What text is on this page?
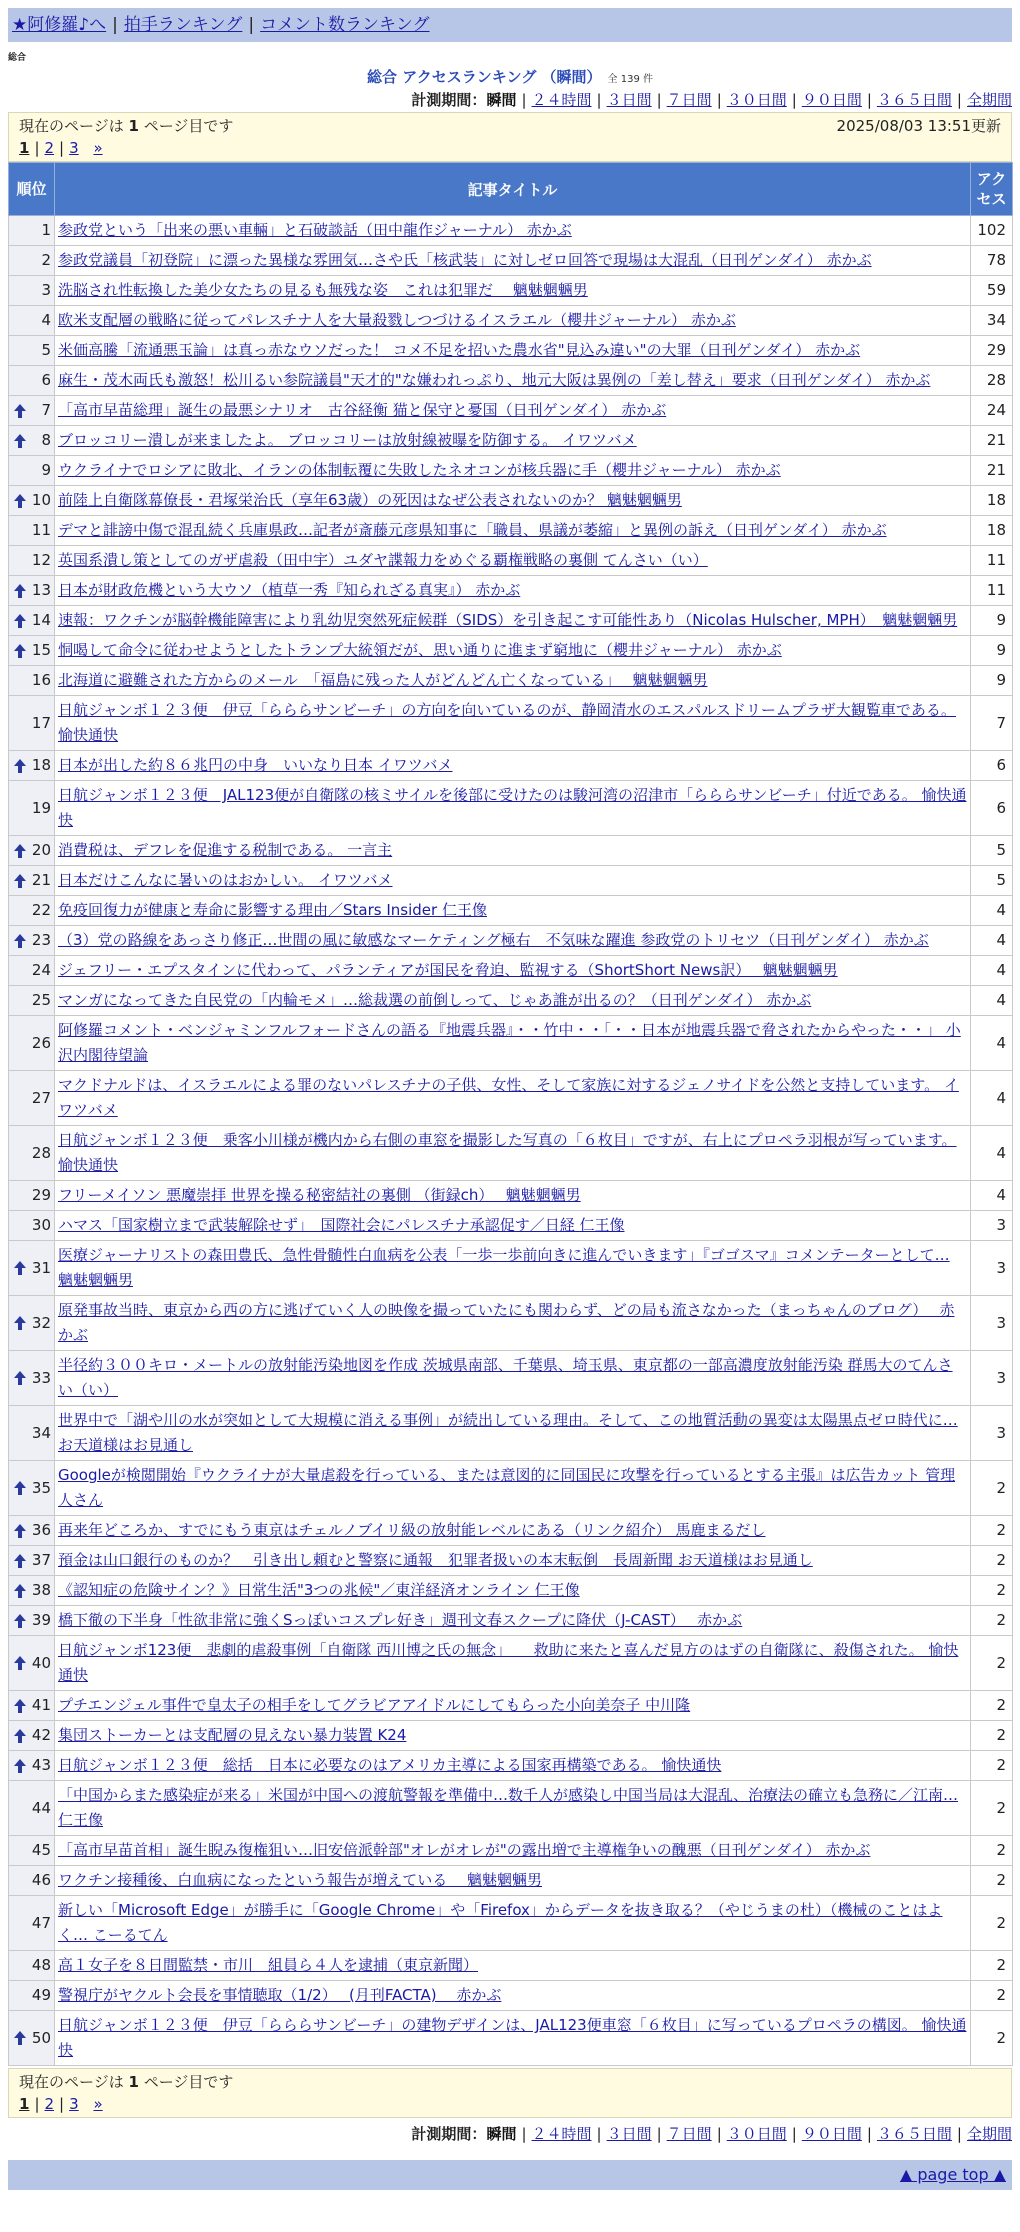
★阿修羅♪へ | 拍手ランキング | コメント数ランキング
総合
総合 アクセスランキング （瞬間） 全 139 件
計測期間：瞬間 | ２４時間 | ３日間 | ７日間 | ３０日間 | ９０日間 | ３６５日間 | 全期間
現在のページは 1 ページ目です	2025/08/03 13:51更新
1 | 2 | 3 »
順位	記事タイトル	アクセス
1	参政党という「出来の悪い車輛」と石破談話（田中龍作ジャーナル） 赤かぶ	102
2	参政党議員「初登院」に漂った異様な雰囲気…さや氏「核武装」に対しゼロ回答で現場は大混乱（日刊ゲンダイ） 赤かぶ	78
3	洗脳され性転換した美少女たちの見るも無残な姿　これは犯罪だ　 魑魅魍魎男	59
4	欧米支配層の戦略に従ってパレスチナ人を大量殺戮しつづけるイスラエル（櫻井ジャーナル） 赤かぶ	34
5	米価高騰「流通悪玉論」は真っ赤なウソだった！ コメ不足を招いた農水省"見込み違い"の大罪（日刊ゲンダイ） 赤かぶ	29
6	麻生・茂木両氏も激怒！松川るい参院議員"天才的"な嫌われっぷり、地元大阪は異例の「差し替え」要求（日刊ゲンダイ） 赤かぶ	28

7	「高市早苗総理」誕生の最悪シナリオ　古谷経衡 猫と保守と憂国（日刊ゲンダイ） 赤かぶ	24

8	ブロッコリー潰しが来ましたよ。 ブロッコリーは放射線被曝を防御する。 イワツバメ	21
9	ウクライナでロシアに敗北、イランの体制転覆に失敗したネオコンが核兵器に手（櫻井ジャーナル） 赤かぶ	21

10	前陸上自衛隊幕僚長・君塚栄治氏（享年63歳）の死因はなぜ公表されないのか？ 魑魅魍魎男	18
11	デマと誹謗中傷で混乱続く兵庫県政…記者が斎藤元彦県知事に「職員、県議が萎縮」と異例の訴え（日刊ゲンダイ） 赤かぶ	18
12	英国系潰し策としてのガザ虐殺（田中宇）ユダヤ諜報力をめぐる覇権戦略の裏側 てんさい（い）	11

13	日本が財政危機という大ウソ（植草一秀『知られざる真実』） 赤かぶ	11

14	速報：ワクチンが脳幹機能障害により乳幼児突然死症候群（SIDS）を引き起こす可能性あり（Nicolas Hulscher, MPH）　魑魅魍魎男	9

15	恫喝して命令に従わせようとしたトランプ大統領だが、思い通りに進まず窮地に（櫻井ジャーナル） 赤かぶ	9
16	北海道に避難された方からのメール　「福島に残った人がどんどん亡くなっている」　 魑魅魍魎男	9
17	日航ジャンボ１２３便　伊豆「らららサンビーチ」の方向を向いているのが、静岡清水のエスパルスドリームプラザ大観覧車である。 愉快通快	7

18	日本が出した約８６兆円の中身　いいなり日本 イワツバメ	6
19	日航ジャンボ１２３便　JAL123便が自衛隊の核ミサイルを後部に受けたのは駿河湾の沼津市「らららサンビーチ」付近である。 愉快通快	6

20	消費税は、デフレを促進する税制である。 一言主	5

21	日本だけこんなに暑いのはおかしい。 イワツバメ	5
22	免疫回復力が健康と寿命に影響する理由／Stars Insider 仁王像	4

23	（3）党の路線をあっさり修正…世間の風に敏感なマーケティング極右　不気味な躍進 参政党のトリセツ（日刊ゲンダイ） 赤かぶ	4
24	ジェフリー・エプスタインに代わって、パランティアが国民を脅迫、監視する（ShortShort News訳）　 魑魅魍魎男	4
25	マンガになってきた自民党の「内輪モメ」…総裁選の前倒しって、じゃあ誰が出るの？（日刊ゲンダイ） 赤かぶ	4
26	阿修羅コメント・ベンジャミンフルフォードさんの語る『地震兵器』・・竹中・・「・・日本が地震兵器で脅されたからやった・・」 小沢内閣待望論	4
27	マクドナルドは、イスラエルによる罪のないパレスチナの子供、女性、そして家族に対するジェノサイドを公然と支持しています。 イワツバメ	4
28	日航ジャンボ１２３便　乗客小川様が機内から右側の車窓を撮影した写真の「６枚目」ですが、右上にプロペラ羽根が写っています。 愉快通快	4
29	フリーメイソン 悪魔崇拝 世界を操る秘密結社の裏側 （街録ch）　 魑魅魍魎男	4
30	ハマス「国家樹立まで武装解除せず」　国際社会にパレスチナ承認促す／日経 仁王像	3

31	医療ジャーナリストの森田豊氏、急性骨髄性白血病を公表「一歩一歩前向きに進んでいきます」『ゴゴスマ』コメンテーターとして… 魑魅魍魎男	3

32	原発事故当時、東京から西の方に逃げていく人の映像を撮っていたにも関わらず、どの局も流さなかった（まっちゃんのブログ）　 赤かぶ	3

33	半径約３００キロ・メートルの放射能汚染地図を作成 茨城県南部、千葉県、埼玉県、東京都の一部高濃度放射能汚染 群馬大のてんさい（い）	3
34	世界中で「湖や川の水が突如として大規模に消える事例」が続出している理由。そして、この地質活動の異変は太陽黒点ゼロ時代に… お天道様はお見通し	3

35	Googleが検閲開始『ウクライナが大量虐殺を行っている、または意図的に同国民に攻撃を行っているとする主張』は広告カット 管理人さん	2

36	再来年どころか、すでにもう東京はチェルノブイリ級の放射能レベルにある（リンク紹介） 馬鹿まるだし	2

37	預金は山口銀行のものか？　引き出し頼むと警察に通報　犯罪者扱いの本末転倒　長周新聞 お天道様はお見通し	2

38	《認知症の危険サイン？》日常生活"3つの兆候"／東洋経済オンライン 仁王像	2

39	橋下徹の下半身「性欲非常に強くSっぽいコスプレ好き」週刊文春スクープに降伏（J-CAST）　 赤かぶ	2

40	日航ジャンボ123便　悲劇的虐殺事例「自衛隊 西川博之氏の無念」　　救助に来たと喜んだ見方のはずの自衛隊に、殺傷された。 愉快通快	2

41	プチエンジェル事件で皇太子の相手をしてグラビアアイドルにしてもらった小向美奈子 中川隆	2

42	集団ストーカーとは支配層の見えない暴力装置 K24	2

43	日航ジャンボ１２３便　総括　日本に必要なのはアメリカ主導による国家再構築である。 愉快通快	2
44	「中国からまた感染症が来る」米国が中国への渡航警報を準備中…数千人が感染し中国当局は大混乱、治療法の確立も急務に／江南… 仁王像	2
45	「高市早苗首相」誕生睨み復権狙い…旧安倍派幹部"オレがオレが"の露出増で主導権争いの醜悪（日刊ゲンダイ） 赤かぶ	2
46	ワクチン接種後、白血病になったという報告が増えている　 魑魅魍魎男	2
47	新しい「Microsoft Edge」が勝手に「Google Chrome」や「Firefox」からデータを抜き取る？（やじうまの杜）（機械のことはよく… こーるてん	2
48	高１女子を８日間監禁・市川　組員ら４人を逮捕（東京新聞）	2
49	警視庁がヤクルト会長を事情聴取（1/2）　 (月刊FACTA)　 赤かぶ	2

50	日航ジャンボ１２３便　伊豆「らららサンビーチ」の建物デザインは、JAL123便車窓「６枚目」に写っているプロペラの構図。 愉快通快	2
現在のページは 1 ページ目です
1 | 2 | 3 »
計測期間：瞬間 | ２４時間 | ３日間 | ７日間 | ３０日間 | ９０日間 | ３６５日間 | 全期間
▲ page top ▲
